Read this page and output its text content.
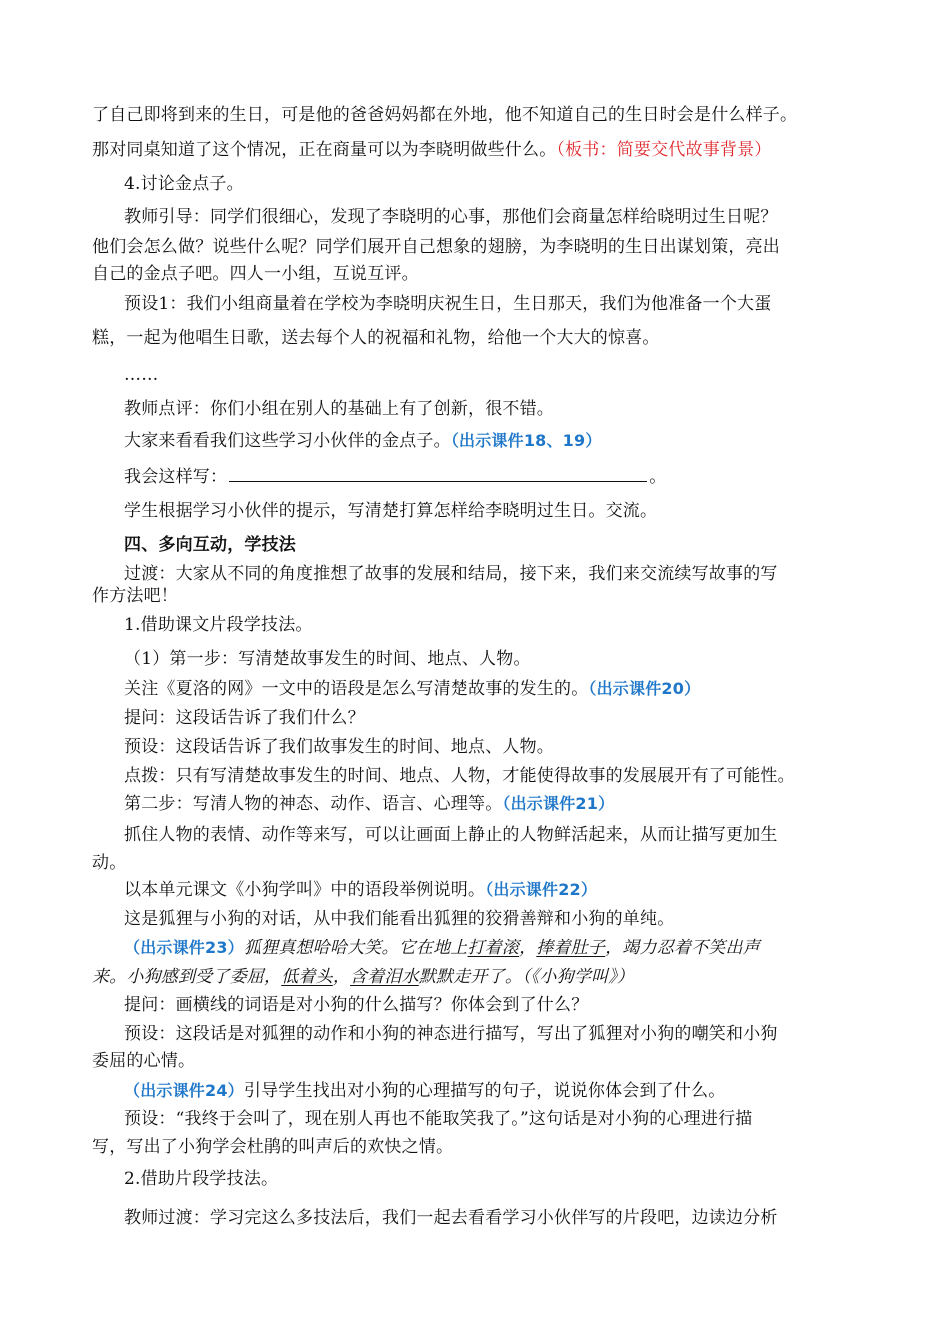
了自己即将到来的生日，可是他的爸爸妈妈都在外地，他不知道自己的生日时会是什么样子。
那对同桌知道了这个情况，正在商量可以为李晓明做些什么。（板书：简要交代故事背景）
4.讨论金点子。
教师引导：同学们很细心，发现了李晓明的心事，那他们会商量怎样给晓明过生日呢？
他们会怎么做？说些什么呢？同学们展开自己想象的翅膀，为李晓明的生日出谋划策，亮出
自己的金点子吧。四人一小组，互说互评。
预设1：我们小组商量着在学校为李晓明庆祝生日，生日那天，我们为他准备一个大蛋
糕，一起为他唱生日歌，送去每个人的祝福和礼物，给他一个大大的惊喜。
……
教师点评：你们小组在别人的基础上有了创新，很不错。
大家来看看我们这些学习小伙伴的金点子。（出示课件18、19）
我会这样写：	。
学生根据学习小伙伴的提示，写清楚打算怎样给李晓明过生日。交流。
四、多向互动，学技法
过渡：大家从不同的角度推想了故事的发展和结局，接下来，我们来交流续写故事的写
作方法吧！
1.借助课文片段学技法。
（1）第一步：写清楚故事发生的时间、地点、人物。
关注《夏洛的网》一文中的语段是怎么写清楚故事的发生的。（出示课件20）
提问：这段话告诉了我们什么？
预设：这段话告诉了我们故事发生的时间、地点、人物。
点拨：只有写清楚故事发生的时间、地点、人物，才能使得故事的发展展开有了可能性。
第二步：写清人物的神态、动作、语言、心理等。（出示课件21）
抓住人物的表情、动作等来写，可以让画面上静止的人物鲜活起来，从而让描写更加生
动。
以本单元课文《小狗学叫》中的语段举例说明。（出示课件22）
这是狐狸与小狗的对话，从中我们能看出狐狸的狡猾善辩和小狗的单纯。
（出示课件23）狐狸真想哈哈大笑。它在地上打着滚，捧着肚子，竭力忍着不笑出声
来。小狗感到受了委屈，低着头，含着泪水默默走开了。（《小狗学叫》）
提问：画横线的词语是对小狗的什么描写？你体会到了什么？
预设：这段话是对狐狸的动作和小狗的神态进行描写，写出了狐狸对小狗的嘲笑和小狗
委屈的心情。
（出示课件24）引导学生找出对小狗的心理描写的句子，说说你体会到了什么。
预设：“我终于会叫了，现在别人再也不能取笑我了。”这句话是对小狗的心理进行描
写，写出了小狗学会杜鹃的叫声后的欢快之情。
2.借助片段学技法。
教师过渡：学习完这么多技法后，我们一起去看看学习小伙伴写的片段吧，边读边分析
